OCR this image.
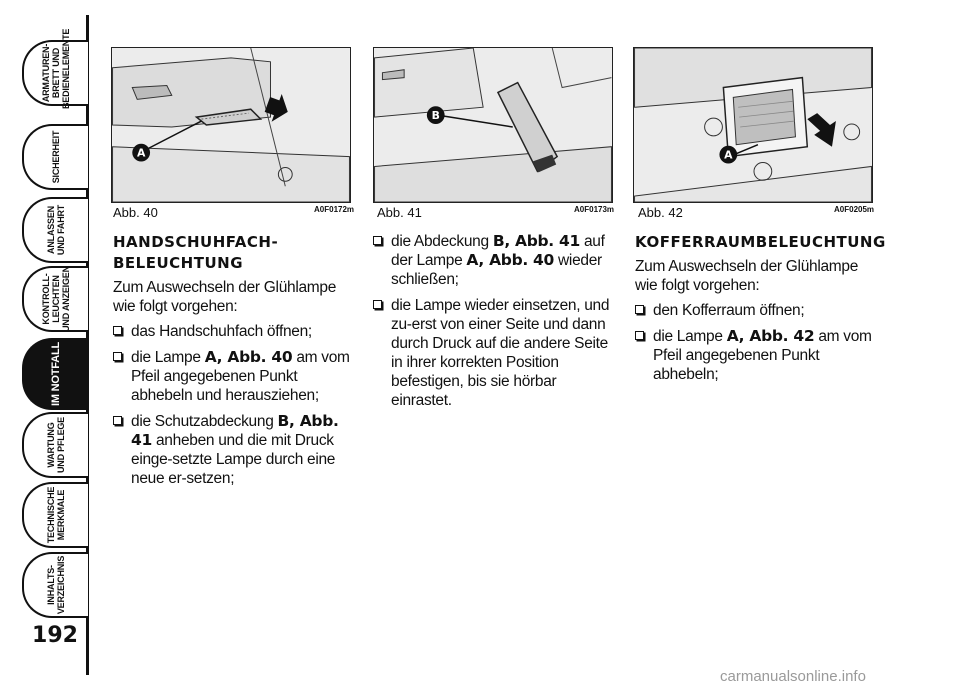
ARMATUREN-
BRETT UND
BEDIENELEMENTE
SICHERHEIT
ANLASSEN
UND FAHRT
KONTROLL-
LEUCHTEN
UND ANZEIGEN
IM NOTFALL
WARTUNG
UND PFLEGE
TECHNISCHE
MERKMALE
INHALTS-
VERZEICHNIS
192
A
Abb. 40	A0F0172m
B
Abb. 41	A0F0173m
A
Abb. 42	A0F0205m
HANDSCHUHFACH-
BELEUCHTUNG
Zum Auswechseln der Glühlampe wie folgt vorgehen:
das Handschuhfach öffnen;
die Lampe A, Abb. 40 am vom Pfeil angegebenen Punkt abhebeln und herausziehen;
die Schutzabdeckung B, Abb. 41 anheben und die mit Druck einge-setzte Lampe durch eine neue er-setzen;
die Abdeckung B, Abb. 41 auf der Lampe A, Abb. 40 wieder schließen;
die Lampe wieder einsetzen, und zu-erst von einer Seite und dann durch Druck auf die andere Seite in ihrer korrekten Position befestigen, bis sie hörbar einrastet.
KOFFERRAUMBELEUCHTUNG
Zum Auswechseln der Glühlampe wie folgt vorgehen:
den Kofferraum öffnen;
die Lampe A, Abb. 42 am vom Pfeil angegebenen Punkt abhebeln;
carmanualsonline.info
